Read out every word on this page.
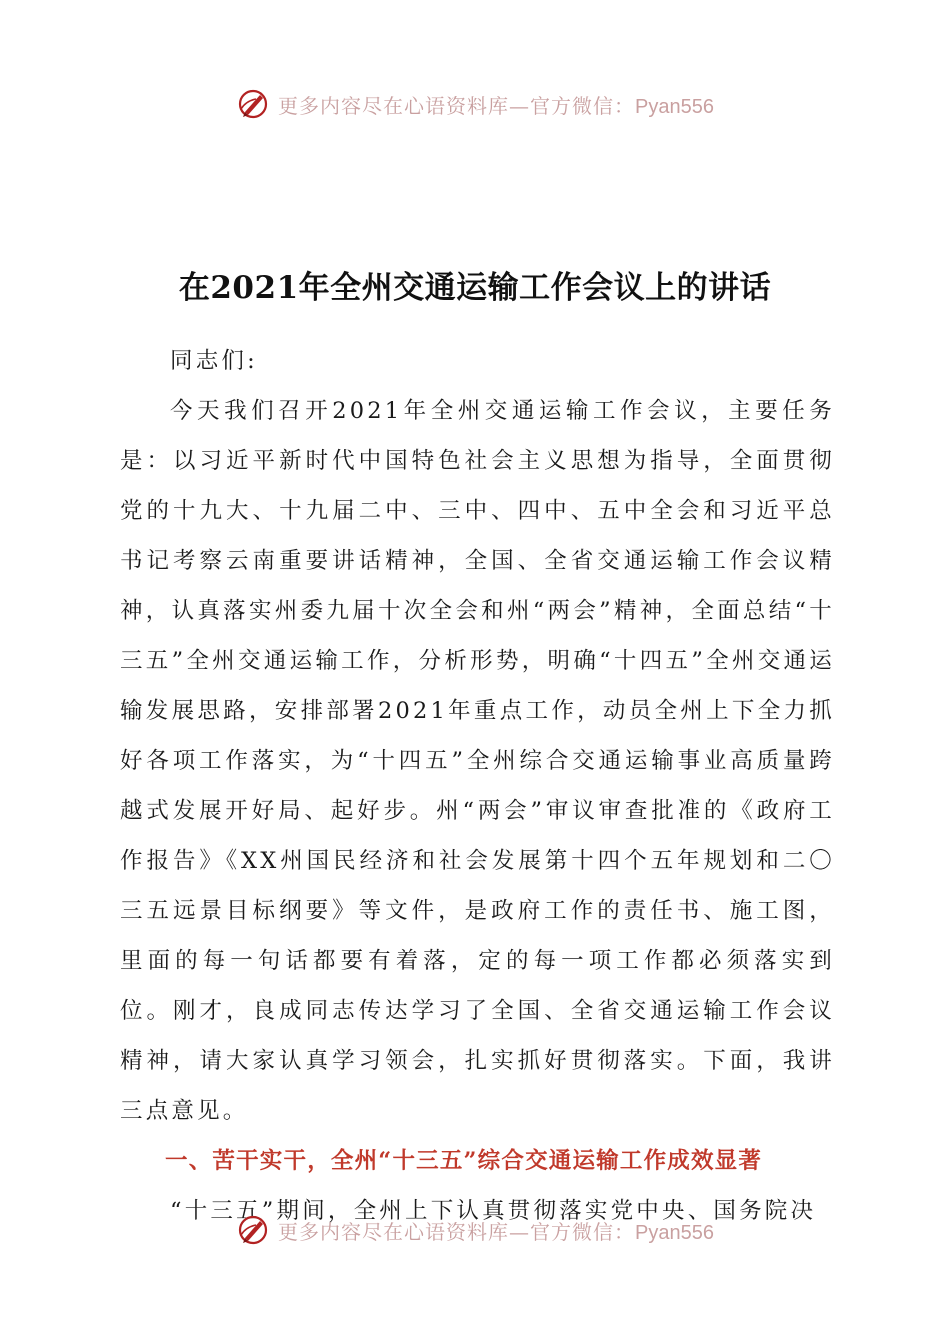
更多内容尽在心语资料库—官方微信：Pyan556
在2021年全州交通运输工作会议上的讲话

同志们:

今天我们召开2021年全州交通运输工作会议，主要任务是：以习近平新时代中国特色社会主义思想为指导，全面贯彻党的十九大、十九届二中、三中、四中、五中全会和习近平总书记考察云南重要讲话精神，全国、全省交通运输工作会议精神，认真落实州委九届十次全会和州“两会”精神，全面总结“十三五”全州交通运输工作，分析形势，明确“十四五”全州交通运输发展思路，安排部署2021年重点工作，动员全州上下全力抓好各项工作落实，为“十四五”全州综合交通运输事业高质量跨越式发展开好局、起好步。州“两会”审议审查批准的《政府工作报告》《XX州国民经济和社会发展第十四个五年规划和二〇三五远景目标纲要》等文件，是政府工作的责任书、施工图，里面的每一句话都要有着落，定的每一项工作都必须落实到位。刚才，良成同志传达学习了全国、全省交通运输工作会议精神，请大家认真学习领会，扎实抓好贯彻落实。下面，我讲三点意见。

一、苦干实干，全州“十三五”综合交通运输工作成效显著

“十三五”期间，全州上下认真贯彻落实党中央、国务院决

更多内容尽在心语资料库—官方微信：Pyan556
